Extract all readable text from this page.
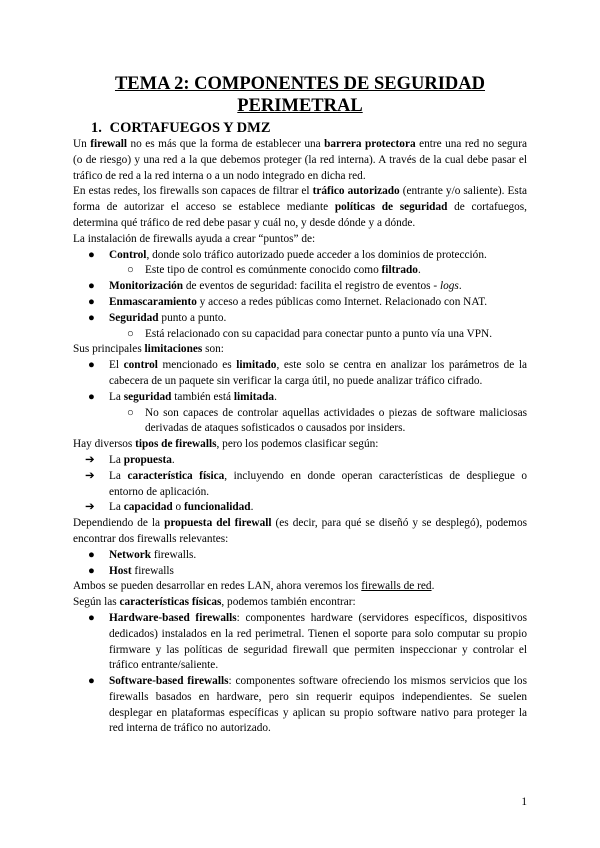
TEMA 2: COMPONENTES DE SEGURIDAD PERIMETRAL
1. CORTAFUEGOS Y DMZ

Un firewall no es más que la forma de establecer una barrera protectora entre una red no segura (o de riesgo) y una red a la que debemos proteger (la red interna). A través de la cual debe pasar el tráfico de red a la red interna o a un nodo integrado en dicha red.

En estas redes, los firewalls son capaces de filtrar el tráfico autorizado (entrante y/o saliente). Esta forma de autorizar el acceso se establece mediante políticas de seguridad de cortafuegos, determina qué tráfico de red debe pasar y cuál no, y desde dónde y a dónde.

La instalación de firewalls ayuda a crear “puntos” de:

● Control, donde solo tráfico autorizado puede acceder a los dominios de protección.
○ Este tipo de control es comúnmente conocido como filtrado.
● Monitorización de eventos de seguridad: facilita el registro de eventos - logs.
● Enmascaramiento y acceso a redes públicas como Internet. Relacionado con NAT.
● Seguridad punto a punto.
○ Está relacionado con su capacidad para conectar punto a punto vía una VPN.

Sus principales limitaciones son:

● El control mencionado es limitado, este solo se centra en analizar los parámetros de la cabecera de un paquete sin verificar la carga útil, no puede analizar tráfico cifrado.
● La seguridad también está limitada.
○ No son capaces de controlar aquellas actividades o piezas de software maliciosas derivadas de ataques sofisticados o causados por insiders.

Hay diversos tipos de firewalls, pero los podemos clasificar según:

➔ La propuesta.
➔ La característica física, incluyendo en donde operan características de despliegue o entorno de aplicación.
➔ La capacidad o funcionalidad.

Dependiendo de la propuesta del firewall (es decir, para qué se diseñó y se desplegó), podemos encontrar dos firewalls relevantes:

● Network firewalls.
● Host firewalls

Ambos se pueden desarrollar en redes LAN, ahora veremos los firewalls de red.

Según las características físicas, podemos también encontrar:

● Hardware-based firewalls: componentes hardware (servidores específicos, dispositivos dedicados) instalados en la red perimetral. Tienen el soporte para solo computar su propio firmware y las políticas de seguridad firewall que permiten inspeccionar y controlar el tráfico entrante/saliente.
● Software-based firewalls: componentes software ofreciendo los mismos servicios que los firewalls basados en hardware, pero sin requerir equipos independientes. Se suelen desplegar en plataformas específicas y aplican su propio software nativo para proteger la red interna de tráfico no autorizado.
1
